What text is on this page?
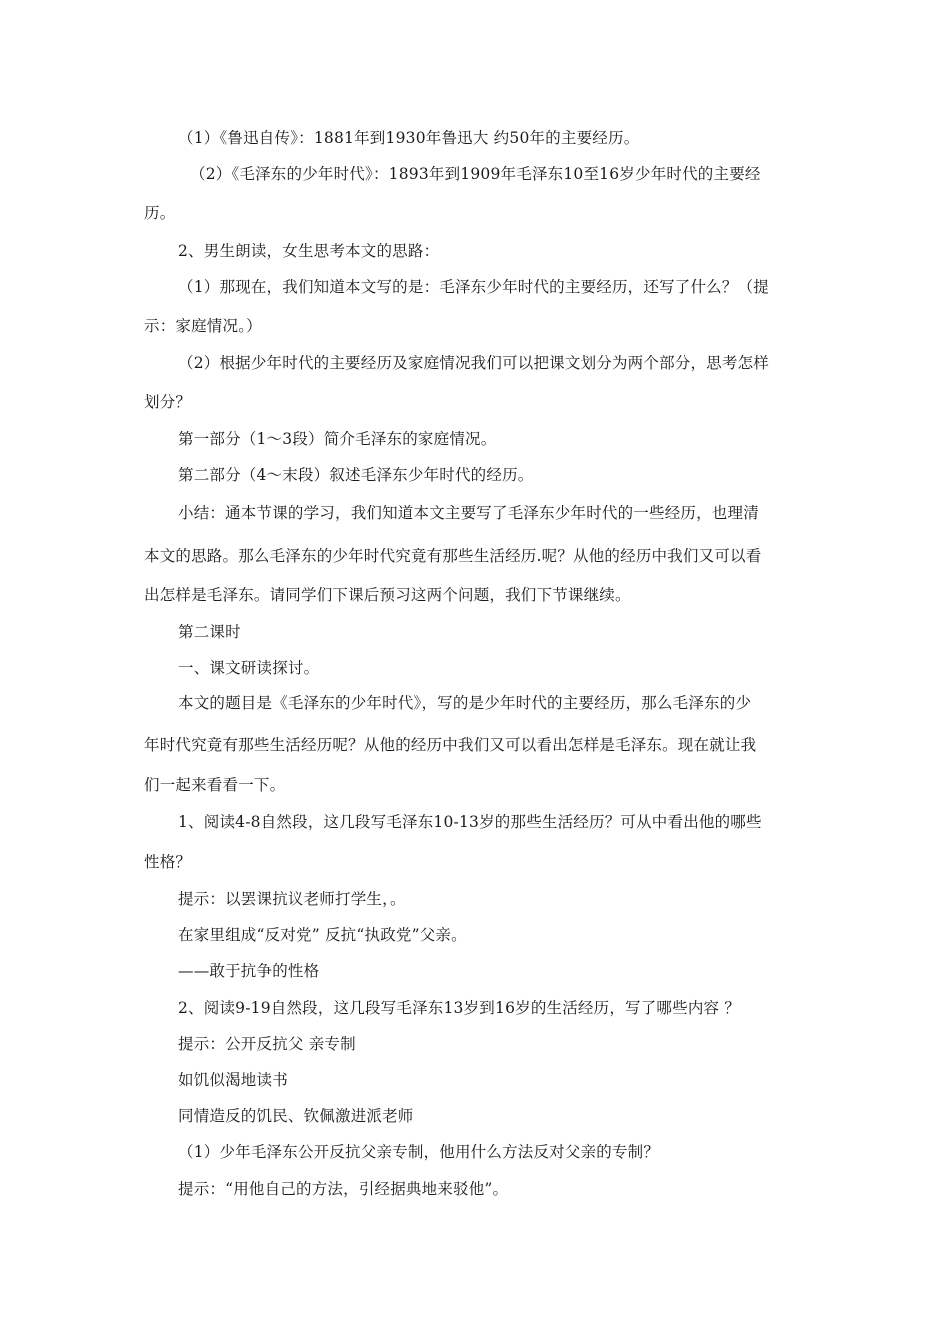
（1）《鲁迅自传》：1881年到1930年鲁迅大 约50年的主要经历。
（2）《毛泽东的少年时代》：1893年到1909年毛泽东10至16岁少年时代的主要经
历。
2、男生朗读，女生思考本文的思路：
（1）那现在，我们知道本文写的是：毛泽东少年时代的主要经历，还写了什么？（提
示：家庭情况。）
（2）根据少年时代的主要经历及家庭情况我们可以把课文划分为两个部分，思考怎样
划分？
第一部分（1～3段）简介毛泽东的家庭情况。
第二部分（4～末段）叙述毛泽东少年时代的经历。
小结：通本节课的学习，我们知道本文主要写了毛泽东少年时代的一些经历，也理清
本文的思路。那么毛泽东的少年时代究竟有那些生活经历.呢？从他的经历中我们又可以看
出怎样是毛泽东。请同学们下课后预习这两个问题，我们下节课继续。
第二课时
一、课文研读探讨。
本文的题目是《毛泽东的少年时代》，写的是少年时代的主要经历，那么毛泽东的少
年时代究竟有那些生活经历呢？从他的经历中我们又可以看出怎样是毛泽东。现在就让我
们一起来看看一下。
1、阅读4-8自然段，这几段写毛泽东10-13岁的那些生活经历？可从中看出他的哪些
性格？
提示：以罢课抗议老师打学生，。
在家里组成“反对党” 反抗“执政党”父亲。
——敢于抗争的性格
2、阅读9-19自然段，这几段写毛泽东13岁到16岁的生活经历，写了哪些内容 ？
提示：公开反抗父 亲专制
如饥似渴地读书
同情造反的饥民、钦佩激进派老师
（1）少年毛泽东公开反抗父亲专制，他用什么方法反对父亲的专制？
提示：“用他自己的方法，引经据典地来驳他”。
